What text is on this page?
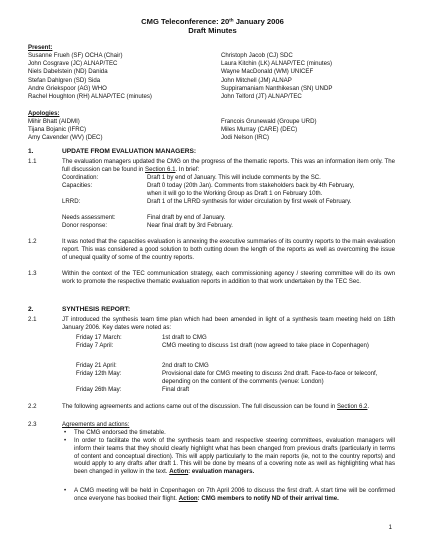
CMG Teleconference: 20th January 2006
Draft Minutes
Present:
Susanne Frueh (SF) OCHA (Chair)
John Cosgrave (JC) ALNAP/TEC
Niels Dabelstein (ND) Danida
Stefan Dahlgren (SD) Sida
Andre Griekspoor (AG) WHO
Rachel Houghton (RH) ALNAP/TEC (minutes)
Christoph Jacob (CJ) SDC
Laura Kitchin (LK) ALNAP/TEC (minutes)
Wayne MacDonald (WM) UNICEF
John Mitchell (JM) ALNAP
Suppiramaniam Nanthikesan (SN) UNDP
John Telford (JT) ALNAP/TEC
Apologies:
Mihir Bhatt (AIDMI)
Tijana Bojanic (IFRC)
Amy Cavender (WV) (DEC)
Francois Grunewald (Groupe URD)
Miles Murray (CARE) (DEC)
Jodi Nelson (IRC)
1.	UPDATE FROM EVALUATION MANAGERS:
1.1	The evaluation managers updated the CMG on the progress of the thematic reports. This was an information item only. The full discussion can be found in Section 6.1. In brief:
Coordination:	Draft 1 by end of January. This will include comments by the SC.
Capacities:	Draft 0 today (20th Jan). Comments from stakeholders back by 4th February, when it will go to the Working Group as Draft 1 on February 10th.
LRRD:	Draft 1 of the LRRD synthesis for wider circulation by first week of February.
Needs assessment:	Final draft by end of January.
Donor response:	Near final draft by 3rd February.
1.2	It was noted that the capacities evaluation is annexing the executive summaries of its country reports to the main evaluation report. This was considered a good solution to both cutting down the length of the reports as well as overcoming the issue of unequal quality of some of the country reports.
1.3	Within the context of the TEC communication strategy, each commissioning agency / steering committee will do its own work to promote the respective thematic evaluation reports in addition to that work undertaken by the TEC Sec.
2.	SYNTHESIS REPORT:
2.1	JT introduced the synthesis team time plan which had been amended in light of a synthesis team meeting held on 18th January 2006. Key dates were noted as:
Friday 17 March:	1st draft to CMG
Friday 7 April:	CMG meeting to discuss 1st draft (now agreed to take place in Copenhagen)
Friday 21 April:	2nd draft to CMG
Friday 12th May:	Provisional date for CMG meeting to discuss 2nd draft. Face-to-face or teleconf, depending on the content of the comments (venue: London)
Friday 26th May:	Final draft
2.2	The following agreements and actions came out of the discussion. The full discussion can be found in Section 6.2.
2.3	Agreements and actions:
• The CMG endorsed the timetable.
• In order to facilitate the work of the synthesis team and respective steering committees, evaluation managers will inform their teams that they should clearly highlight what has been changed from previous drafts (particularly in terms of content and conceptual direction). This will apply particularly to the main reports (ie, not to the country reports) and would apply to any drafts after draft 1. This will be done by means of a covering note as well as highlighting what has been changed in yellow in the text. Action: evaluation managers.
• A CMG meeting will be held in Copenhagen on 7th April 2006 to discuss the first draft. A start time will be confirmed once everyone has booked their flight. Action: CMG members to notify ND of their arrival time.
1
